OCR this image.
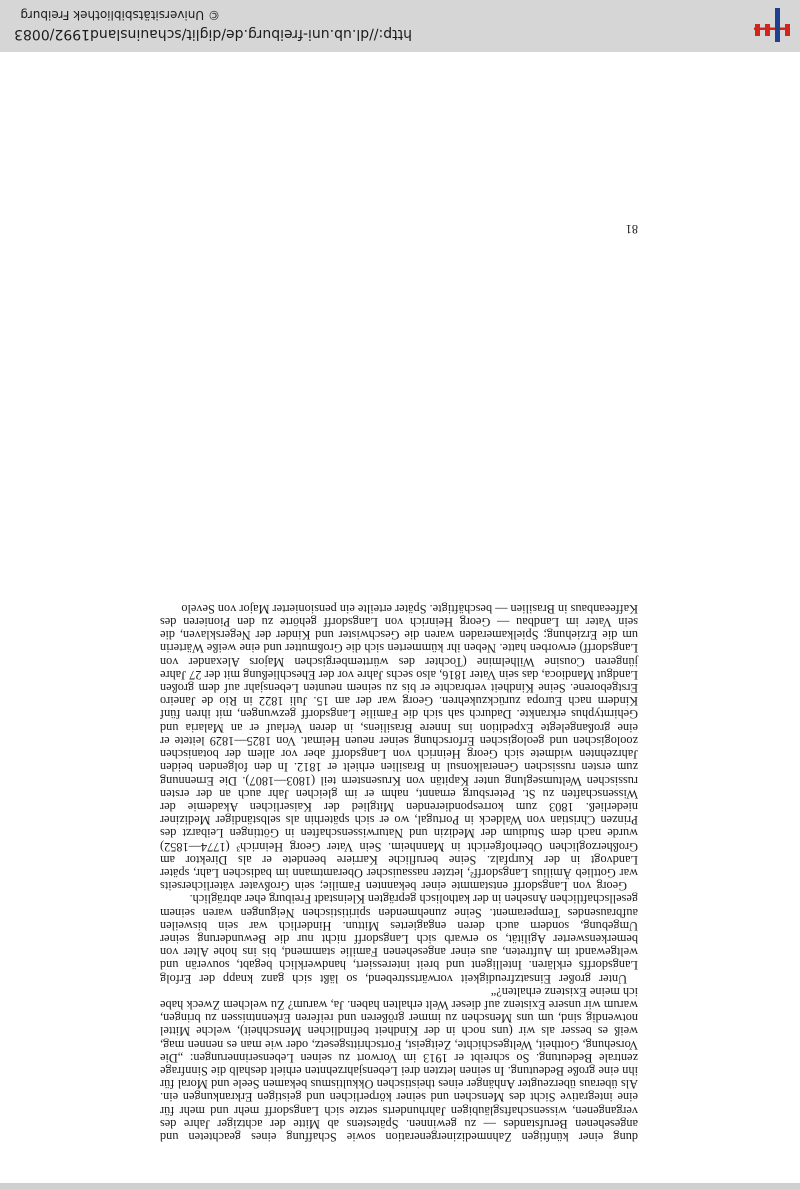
dung einer künftigen Zahnmedizinergeneration sowie Schaffung eines geachteten und angesehenen Berufstandes — zu gewinnen. Spätestens ab Mitte der achtziger Jahre des vergangenen, wissenschaftsgläubigen Jahrhunderts setzte sich Langsdorff mehr und mehr für eine integrative Sicht des Menschen und seiner körperlichen und geistigen Erkrankungen ein. Als überaus überzeugter Anhänger eines theistischen Okkultismus bekamen Seele und Moral für ihn eine große Bedeutung. In seinen letzten drei Lebensjahrzehnten erhielt deshalb die Sinnfrage zentrale Bedeutung. So schreibt er 1913 im Vorwort zu seinen Lebenserinnerungen: „Die Vorsehung, Gottheit, Weltgeschichte, Zeitgeist, Fortschrittsgesetz, oder wie man es nennen mag, weiß es besser als wir (uns noch in der Kindheit befindlichen Menschheit), welche Mittel notwendig sind, um uns Menschen zu immer größeren und reiferen Erkenntnissen zu bringen, warum wir unsere Existenz auf dieser Welt erhalten haben. Ja, warum? Zu welchem Zweck habe ich meine Existenz erhalten?“

Unter großer Einsatzfreudigkeit vorwärtsstrebend, so läßt sich ganz knapp der Erfolg Langsdorffs erklären. Intelligent und breit interessiert, handwerklich begabt, souverän und weltgewandt im Auftreten, aus einer angesehenen Familie stammend, bis ins hohe Alter von bemerkenswerter Agilität, so erwarb sich Langsdorff nicht nur die Bewunderung seiner Umgebung, sondern auch deren engagiertes Mittun. Hinderlich war sein bisweilen aufbrausendes Temperament. Seine zunehmenden spiritistischen Neigungen waren seinem gesellschaftlichen Ansehen in der katholisch geprägten Kleinstadt Freiburg eher abträglich.

Georg von Langsdorff entstammte einer bekannten Familie; sein Großvater väterlicherseits war Gottlieb Ämilius Langsdorff², letzter nassauischer Oberamtmann im badischen Lahr, später Landvogt in der Kurpfalz. Seine berufliche Karriere beendete er als Direktor am Großherzoglichen Oberhofgericht in Mannheim. Sein Vater Georg Heinrich³ (1774—1852) wurde nach dem Studium der Medizin und Naturwissenschaften in Göttingen Leibarzt des Prinzen Christian von Waldeck in Portugal, wo er sich späterhin als selbständiger Mediziner niederließ. 1803 zum korrespondierenden Mitglied der Kaiserlichen Akademie der Wissenschaften zu St. Petersburg ernannt, nahm er im gleichen Jahr auch an der ersten russischen Weltumseglung unter Kapitän von Krusenstern teil (1803—1807). Die Ernennung zum ersten russischen Generalkonsul in Brasilien erhielt er 1812. In den folgenden beiden Jahrzehnten widmete sich Georg Heinrich von Langsdorff aber vor allem der botanischen zoologischen und geologischen Erforschung seiner neuen Heimat. Von 1825—1829 leitete er eine großangelegte Expedition ins Innere Brasiliens, in deren Verlauf er an Malaria und Gehirntyphus erkrankte. Dadurch sah sich die Familie Langsdorff gezwungen, mit ihren fünf Kindern nach Europa zurückzukehren. Georg war der am 15. Juli 1822 in Rio de Janeiro Erstgeborene. Seine Kindheit verbrachte er bis zu seinem neunten Lebensjahr auf dem großen Landgut Mandioca, das sein Vater 1816, also sechs Jahre vor der Eheschließung mit der 27 Jahre jüngeren Cousine Wilhelmine (Tochter des württembergischen Majors Alexander von Langsdorff) erworben hatte. Neben ihr kümmerten sich die Großmutter und eine weiße Wärterin um die Erziehung; Spielkameraden waren die Geschwister und Kinder der Negersklaven, die sein Vater im Landbau — Georg Heinrich von Langsdorff gehörte zu den Pionieren des Kaffeeanbaus in Brasilien — beschäftigte. Später erteilte ein pensionierter Major von Sevelo

81
http://dl.ub.uni-freiburg.de/diglit/schauinsland1992/0083
© Universitätsbibliothek Freiburg
